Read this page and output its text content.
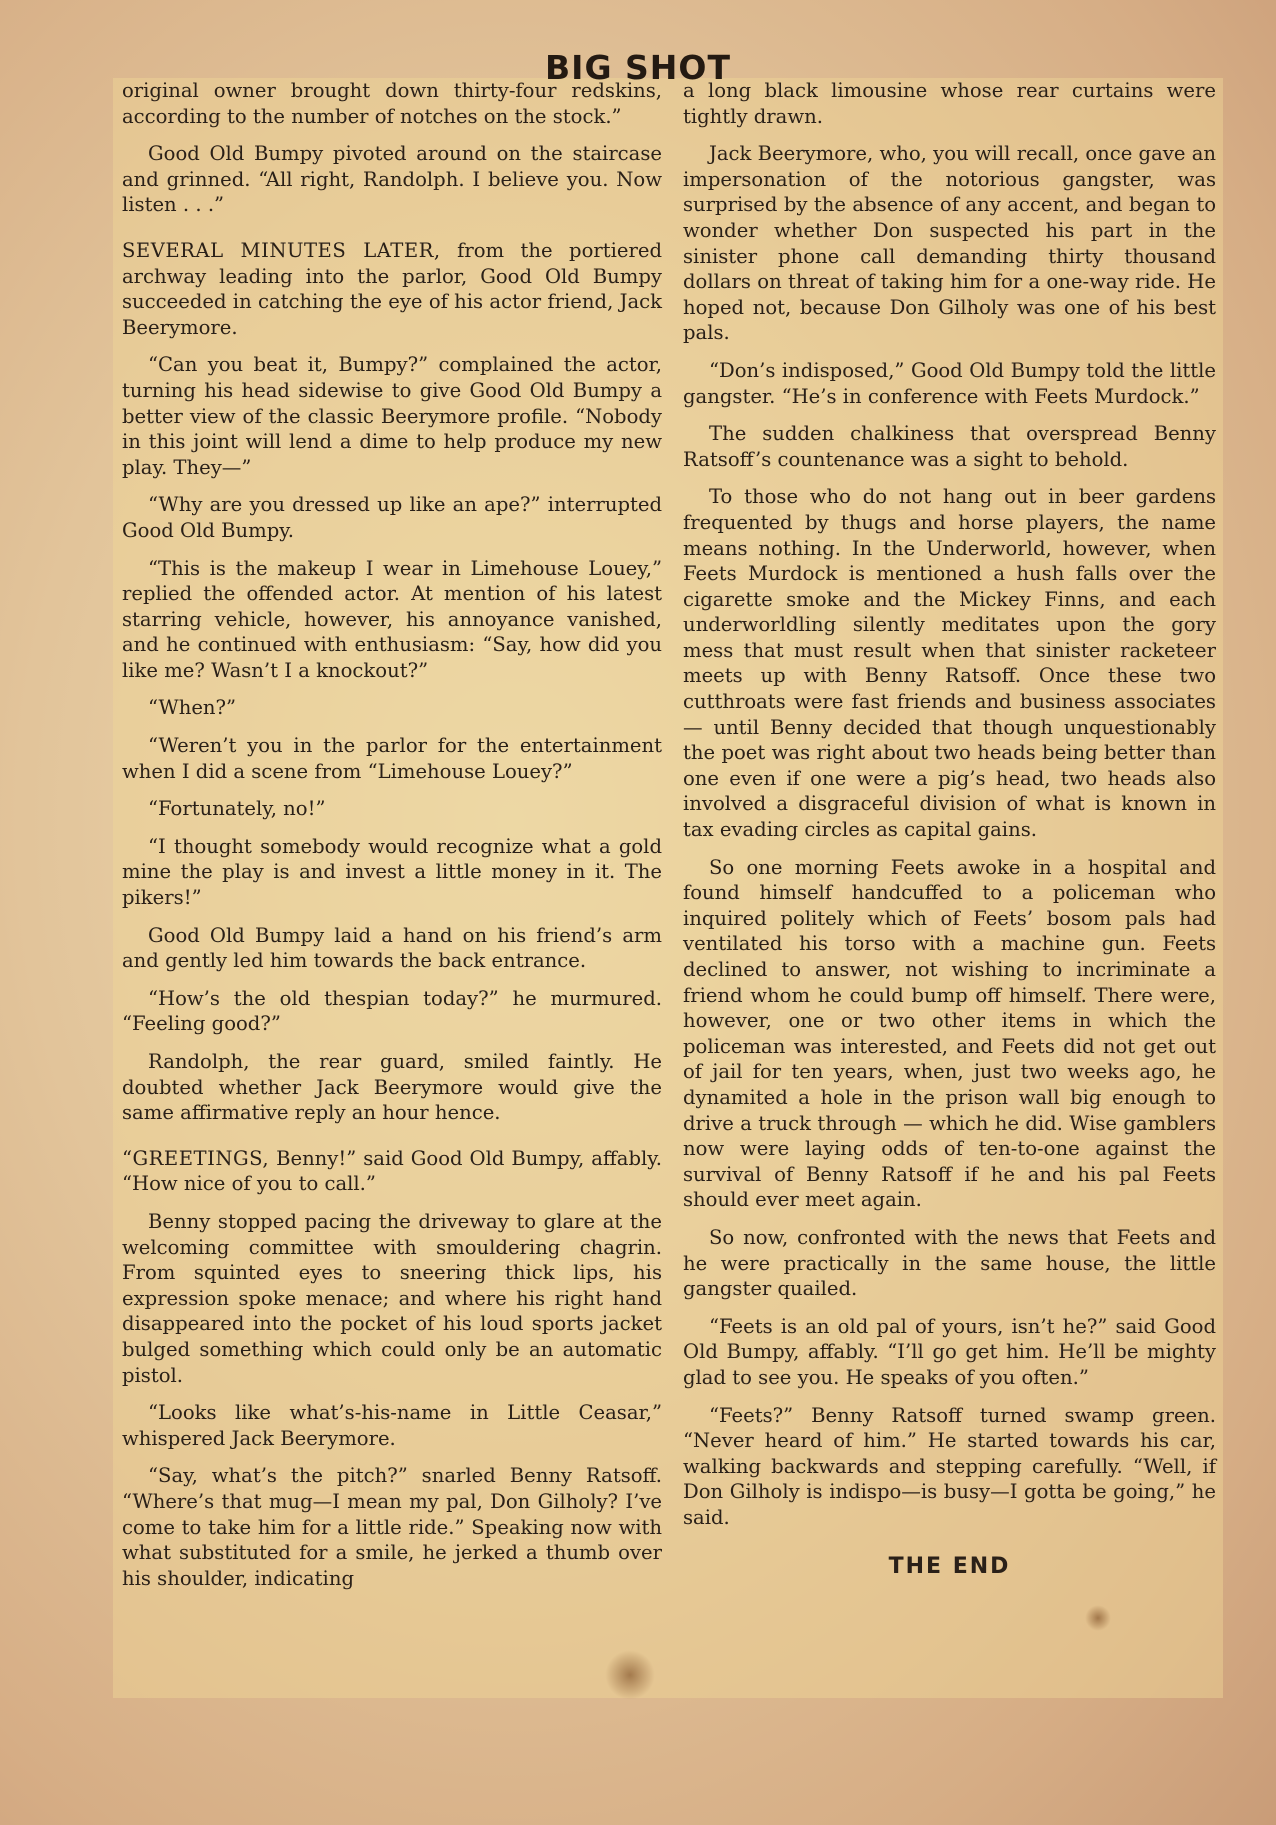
BIG SHOT

original owner brought down thirty-four redskins, according to the number of notches on the stock.”

Good Old Bumpy pivoted around on the staircase and grinned. “All right, Randolph. I believe you. Now listen . . .”

SEVERAL MINUTES LATER, from the portiered archway leading into the parlor, Good Old Bumpy succeeded in catching the eye of his actor friend, Jack Beerymore.

“Can you beat it, Bumpy?” complained the actor, turning his head sidewise to give Good Old Bumpy a better view of the classic Beerymore profile. “Nobody in this joint will lend a dime to help produce my new play. They—”

“Why are you dressed up like an ape?” interrupted Good Old Bumpy.

“This is the makeup I wear in Limehouse Louey,” replied the offended actor. At mention of his latest starring vehicle, however, his annoyance vanished, and he continued with enthusiasm: “Say, how did you like me? Wasn’t I a knockout?”

“When?”

“Weren’t you in the parlor for the entertainment when I did a scene from “Limehouse Louey?”

“Fortunately, no!”

“I thought somebody would recognize what a gold mine the play is and invest a little money in it. The pikers!”

Good Old Bumpy laid a hand on his friend’s arm and gently led him towards the back entrance.

“How’s the old thespian today?” he murmured. “Feeling good?”

Randolph, the rear guard, smiled faintly. He doubted whether Jack Beerymore would give the same affirmative reply an hour hence.

“GREETINGS, Benny!” said Good Old Bumpy, affably. “How nice of you to call.”

Benny stopped pacing the driveway to glare at the welcoming committee with smouldering chagrin. From squinted eyes to sneering thick lips, his expression spoke menace; and where his right hand disappeared into the pocket of his loud sports jacket bulged something which could only be an automatic pistol.

“Looks like what’s-his-name in Little Ceasar,” whispered Jack Beerymore.

“Say, what’s the pitch?” snarled Benny Ratsoff. “Where’s that mug—I mean my pal, Don Gilholy? I’ve come to take him for a little ride.” Speaking now with what substituted for a smile, he jerked a thumb over his shoulder, indicating

a long black limousine whose rear curtains were tightly drawn.

Jack Beerymore, who, you will recall, once gave an impersonation of the notorious gangster, was surprised by the absence of any accent, and began to wonder whether Don suspected his part in the sinister phone call demanding thirty thousand dollars on threat of taking him for a one-way ride. He hoped not, because Don Gilholy was one of his best pals.

“Don’s indisposed,” Good Old Bumpy told the little gangster. “He’s in conference with Feets Murdock.”

The sudden chalkiness that overspread Benny Ratsoff’s countenance was a sight to behold.

To those who do not hang out in beer gardens frequented by thugs and horse players, the name means nothing. In the Underworld, however, when Feets Murdock is mentioned a hush falls over the cigarette smoke and the Mickey Finns, and each underworldling silently meditates upon the gory mess that must result when that sinister racketeer meets up with Benny Ratsoff. Once these two cutthroats were fast friends and business associates — until Benny decided that though unquestionably the poet was right about two heads being better than one even if one were a pig’s head, two heads also involved a disgraceful division of what is known in tax evading circles as capital gains.

So one morning Feets awoke in a hospital and found himself handcuffed to a policeman who inquired politely which of Feets’ bosom pals had ventilated his torso with a machine gun. Feets declined to answer, not wishing to incriminate a friend whom he could bump off himself. There were, however, one or two other items in which the policeman was interested, and Feets did not get out of jail for ten years, when, just two weeks ago, he dynamited a hole in the prison wall big enough to drive a truck through — which he did. Wise gamblers now were laying odds of ten-to-one against the survival of Benny Ratsoff if he and his pal Feets should ever meet again.

So now, confronted with the news that Feets and he were practically in the same house, the little gangster quailed.

“Feets is an old pal of yours, isn’t he?” said Good Old Bumpy, affably. “I’ll go get him. He’ll be mighty glad to see you. He speaks of you often.”

“Feets?” Benny Ratsoff turned swamp green. “Never heard of him.” He started towards his car, walking backwards and stepping carefully. “Well, if Don Gilholy is indispo—is busy—I gotta be going,” he said.

THE END
